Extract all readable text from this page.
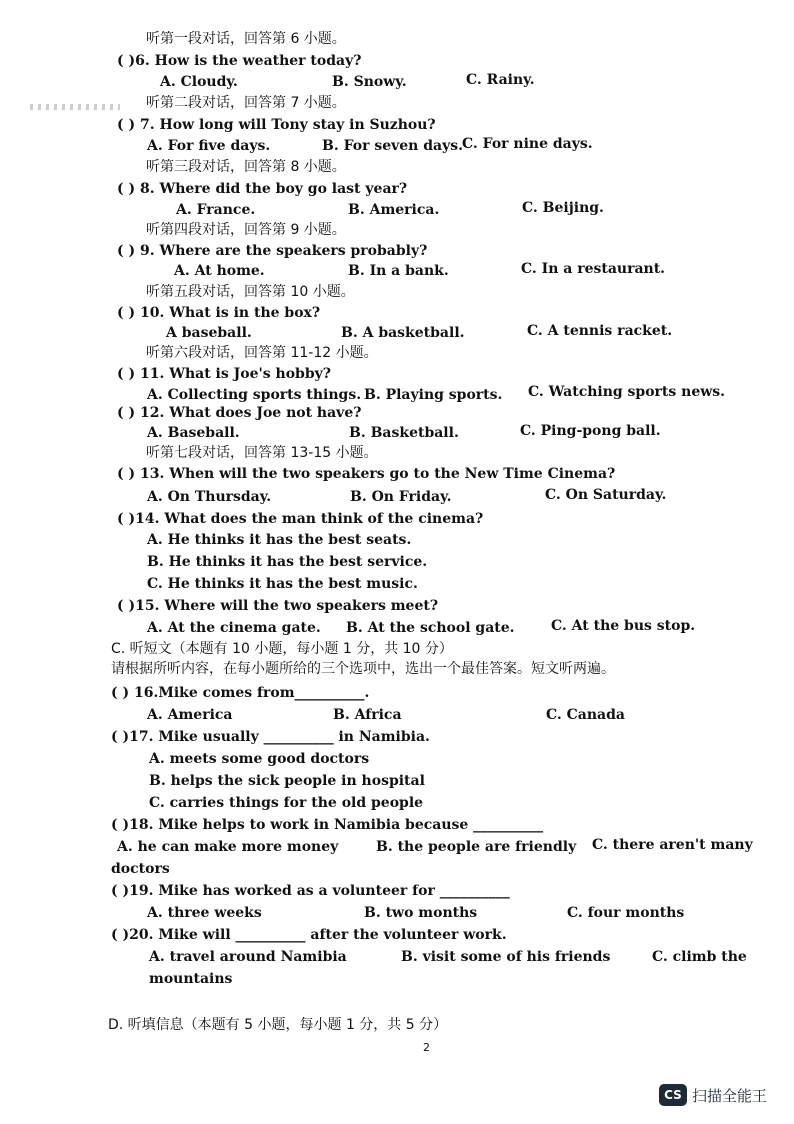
听第一段对话，回答第 6 小题。
( )6. How is the weather today?
A. Cloudy.	B. Snowy.	C. Rainy.
听第二段对话，回答第 7 小题。
( ) 7. How long will Tony stay in Suzhou?
A. For five days.	B. For seven days. C. For nine days.
听第三段对话，回答第 8 小题。
( ) 8. Where did the boy go last year?
A. France.	B. America.	C. Beijing.
听第四段对话，回答第 9 小题。
( ) 9. Where are the speakers probably?
A. At home.	B. In a bank.	C. In a restaurant.
听第五段对话，回答第 10 小题。
( ) 10. What is in the box?
A baseball.	B. A basketball.	C. A tennis racket.
听第六段对话，回答第 11-12 小题。
( ) 11. What is Joe's hobby?
A. Collecting sports things. B. Playing sports. C. Watching sports news.
( ) 12. What does Joe not have?
A. Baseball.	B. Basketball.	C. Ping-pong ball.
听第七段对话，回答第 13-15 小题。
( ) 13. When will the two speakers go to the New Time Cinema?
A. On Thursday.	B. On Friday.	C. On Saturday.
( )14. What does the man think of the cinema?
A. He thinks it has the best seats.
B. He thinks it has the best service.
C. He thinks it has the best music.
( )15. Where will the two speakers meet?
A. At the cinema gate. B. At the school gate.	C. At the bus stop.
C. 听短文（本题有 10 小题，每小题 1 分，共 10 分）
请根据所听内容，在每小题所给的三个选项中，选出一个最佳答案。短文听两遍。
( ) 16.Mike comes from__________.
A. America	B. Africa	C. Canada
( )17. Mike usually __________ in Namibia.
A. meets some good doctors
B. helps the sick people in hospital
C. carries things for the old people
( )18. Mike helps to work in Namibia because __________
A. he can make more money	B. the people are friendly C. there aren't many
doctors
( )19. Mike has worked as a volunteer for __________
A. three weeks	B. two months	C. four months
( )20. Mike will __________ after the volunteer work.
A. travel around Namibia	B. visit some of his friends	C. climb the
mountains
D. 听填信息（本题有 5 小题，每小题 1 分，共 5 分）
2
CS 扫描全能王
